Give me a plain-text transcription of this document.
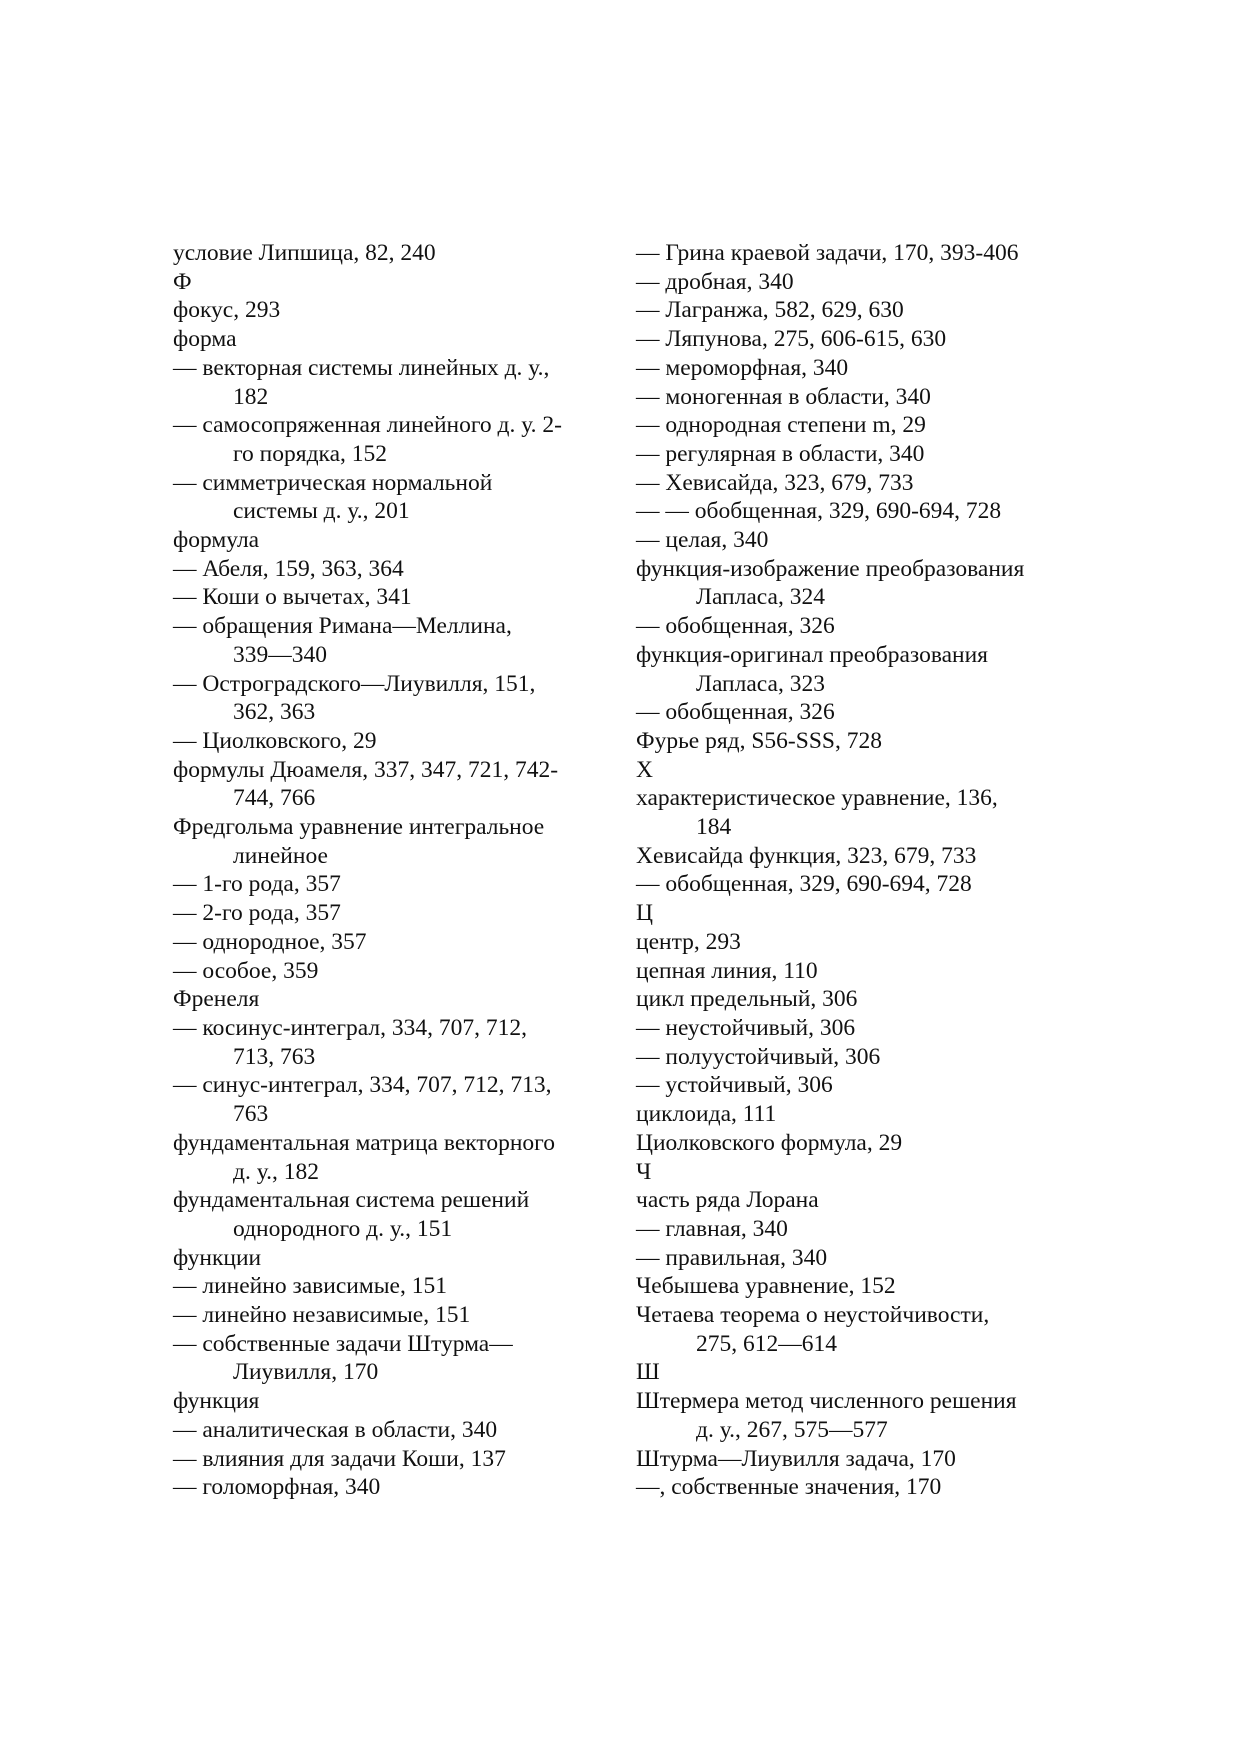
условие Липшица, 82, 240

Ф

фокус, 293

форма

— векторная системы линейных д. у.,

182

— самосопряженная линейного д. у. 2-

го порядка, 152

— симметрическая нормальной

системы д. у., 201

формула

— Абеля, 159, 363, 364

— Коши о вычетах, 341

— обращения Римана—Меллина,

339—340

— Остроградского—Лиувилля, 151,

362, 363

— Циолковского, 29

формулы Дюамеля, 337, 347, 721, 742-

744, 766

Фредгольма уравнение интегральное

линейное

— 1-го рода, 357

— 2-го рода, 357

— однородное, 357

— особое, 359

Френеля

— косинус-интеграл, 334, 707, 712,

713, 763

— синус-интеграл, 334, 707, 712, 713,

763

фундаментальная матрица векторного

д. у., 182

фундаментальная система решений

однородного д. у., 151

функции

— линейно зависимые, 151

— линейно независимые, 151

— собственные задачи Штурма—

Лиувилля, 170

функция

— аналитическая в области, 340

— влияния для задачи Коши, 137

— голоморфная, 340

— Грина краевой задачи, 170, 393-406

— дробная, 340

— Лагранжа, 582, 629, 630

— Ляпунова, 275, 606-615, 630

— мероморфная, 340

— моногенная в области, 340

— однородная степени m, 29

— регулярная в области, 340

— Хевисайда, 323, 679, 733

— — обобщенная, 329, 690-694, 728

— целая, 340

функция-изображение преобразования

Лапласа, 324

— обобщенная, 326

функция-оригинал преобразования

Лапласа, 323

— обобщенная, 326

Фурье ряд, S56-SSS, 728

X

характеристическое уравнение, 136,

184

Хевисайда функция, 323, 679, 733

— обобщенная, 329, 690-694, 728

Ц

центр, 293

цепная линия, 110

цикл предельный, 306

— неустойчивый, 306

— полуустойчивый, 306

— устойчивый, 306

циклоида, 111

Циолковского формула, 29

Ч

часть ряда Лорана

— главная, 340

— правильная, 340

Чебышева уравнение, 152

Четаева теорема о неустойчивости,

275, 612—614

Ш

Штермера метод численного решения

д. у., 267, 575—577

Штурма—Лиувилля задача, 170

—, собственные значения, 170
